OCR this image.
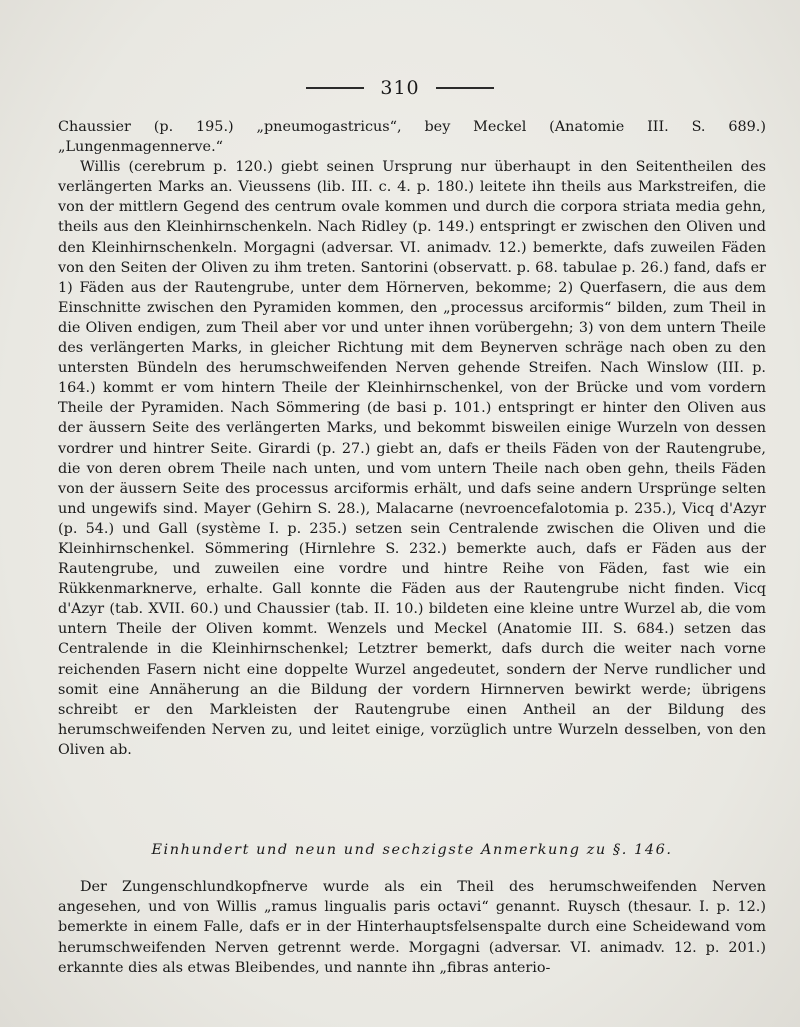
310

Chaussier (p. 195.) „pneumogastricus“, bey Meckel (Anatomie III. S. 689.) „Lungenmagennerve.“

Willis (cerebrum p. 120.) giebt seinen Ursprung nur überhaupt in den Seitentheilen des verlängerten Marks an. Vieussens (lib. III. c. 4. p. 180.) leitete ihn theils aus Markstreifen, die von der mittlern Gegend des centrum ovale kommen und durch die corpora striata media gehn, theils aus den Kleinhirnschenkeln. Nach Ridley (p. 149.) entspringt er zwischen den Oliven und den Kleinhirnschenkeln. Morgagni (adversar. VI. animadv. 12.) bemerkte, dafs zuweilen Fäden von den Seiten der Oliven zu ihm treten. Santorini (observatt. p. 68. tabulae p. 26.) fand, dafs er 1) Fäden aus der Rautengrube, unter dem Hörnerven, bekomme; 2) Querfasern, die aus dem Einschnitte zwischen den Pyramiden kommen, den „processus arciformis“ bilden, zum Theil in die Oliven endigen, zum Theil aber vor und unter ihnen vorübergehn; 3) von dem untern Theile des verlängerten Marks, in gleicher Richtung mit dem Beynerven schräge nach oben zu den untersten Bündeln des herumschweifenden Nerven gehende Streifen. Nach Winslow (III. p. 164.) kommt er vom hintern Theile der Kleinhirnschenkel, von der Brücke und vom vordern Theile der Pyramiden. Nach Sömmering (de basi p. 101.) entspringt er hinter den Oliven aus der äussern Seite des verlängerten Marks, und bekommt bisweilen einige Wurzeln von dessen vordrer und hintrer Seite. Girardi (p. 27.) giebt an, dafs er theils Fäden von der Rautengrube, die von deren obrem Theile nach unten, und vom untern Theile nach oben gehn, theils Fäden von der äussern Seite des processus arciformis erhält, und dafs seine andern Ursprünge selten und ungewifs sind. Mayer (Gehirn S. 28.), Malacarne (nevroencefalotomia p. 235.), Vicq d'Azyr (p. 54.) und Gall (système I. p. 235.) setzen sein Centralende zwischen die Oliven und die Kleinhirnschenkel. Sömmering (Hirnlehre S. 232.) bemerkte auch, dafs er Fäden aus der Rautengrube, und zuweilen eine vordre und hintre Reihe von Fäden, fast wie ein Rükkenmarknerve, erhalte. Gall konnte die Fäden aus der Rautengrube nicht finden. Vicq d'Azyr (tab. XVII. 60.) und Chaussier (tab. II. 10.) bildeten eine kleine untre Wurzel ab, die vom untern Theile der Oliven kommt. Wenzels und Meckel (Anatomie III. S. 684.) setzen das Centralende in die Kleinhirnschenkel; Letztrer bemerkt, dafs durch die weiter nach vorne reichenden Fasern nicht eine doppelte Wurzel angedeutet, sondern der Nerve rundlicher und somit eine Annäherung an die Bildung der vordern Hirnnerven bewirkt werde; übrigens schreibt er den Markleisten der Rautengrube einen Antheil an der Bildung des herumschweifenden Nerven zu, und leitet einige, vorzüglich untre Wurzeln desselben, von den Oliven ab.

Einhundert und neun und sechzigste Anmerkung zu §. 146.

Der Zungenschlundkopfnerve wurde als ein Theil des herumschweifenden Nerven angesehen, und von Willis „ramus lingualis paris octavi“ genannt. Ruysch (thesaur. I. p. 12.) bemerkte in einem Falle, dafs er in der Hinterhauptsfelsenspalte durch eine Scheidewand vom herumschweifenden Nerven getrennt werde. Morgagni (adversar. VI. animadv. 12. p. 201.) erkannte dies als etwas Bleibendes, und nannte ihn „fibras anterio-
